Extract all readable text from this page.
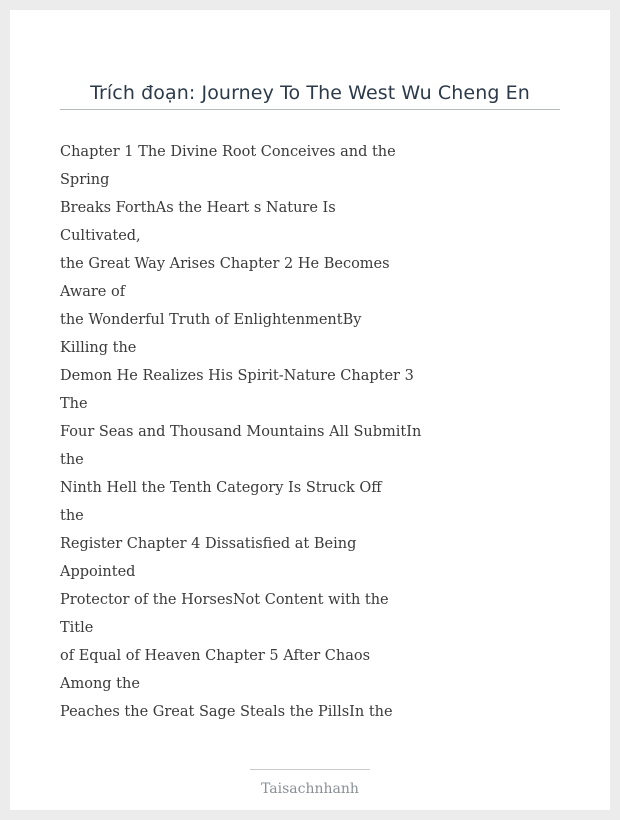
Trích đoạn: Journey To The West Wu Cheng En
Chapter 1 The Divine Root Conceives and the
Spring
Breaks ForthAs the Heart s Nature Is
Cultivated,
the Great Way Arises Chapter 2 He Becomes
Aware of
the Wonderful Truth of EnlightenmentBy
Killing the
Demon He Realizes His Spirit-Nature Chapter 3
The
Four Seas and Thousand Mountains All SubmitIn
the
Ninth Hell the Tenth Category Is Struck Off
the
Register Chapter 4 Dissatisfied at Being
Appointed
Protector of the HorsesNot Content with the
Title
of Equal of Heaven Chapter 5 After Chaos
Among the
Peaches the Great Sage Steals the PillsIn the
Taisachnhanh
